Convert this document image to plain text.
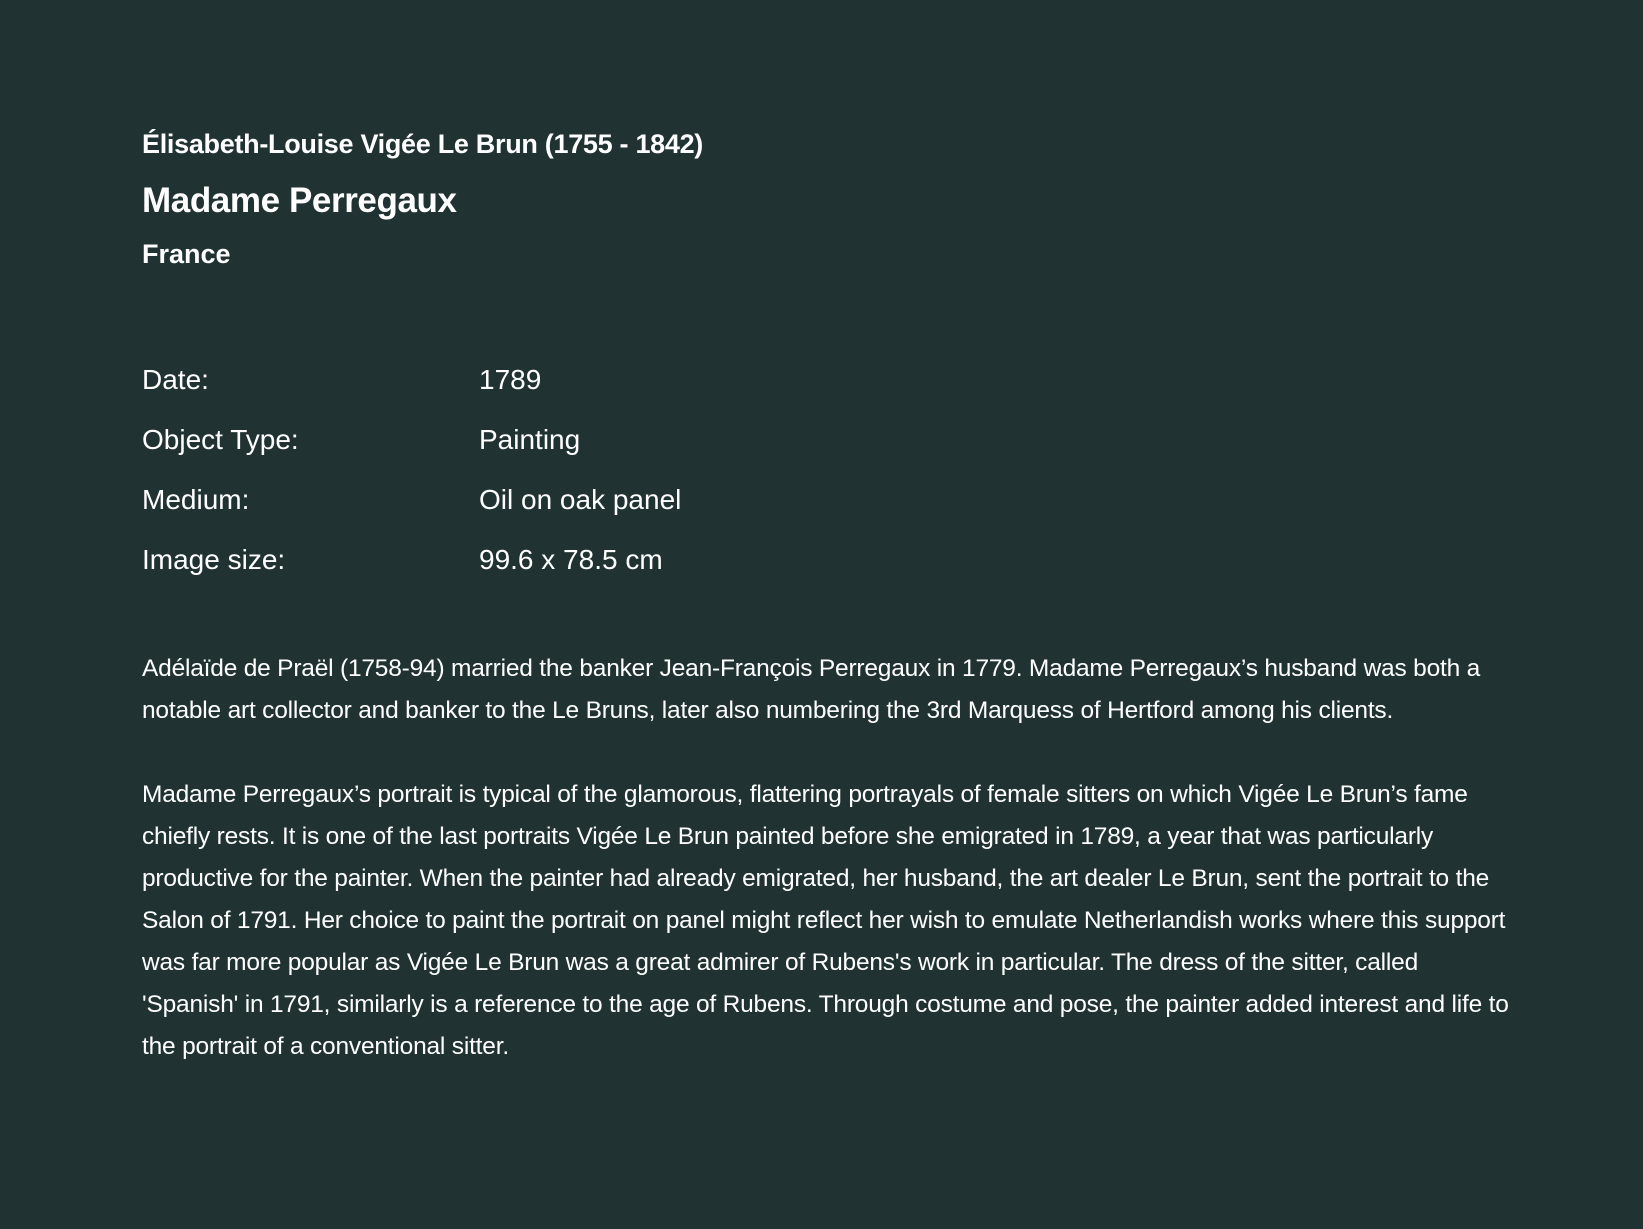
Élisabeth-Louise Vigée Le Brun (1755 - 1842)
Madame Perregaux
France
Date:	1789
Object Type:	Painting
Medium:	Oil on oak panel
Image size:	99.6 x 78.5 cm

Adélaïde de Praël (1758-94) married the banker Jean-François Perregaux in 1779. Madame Perregaux’s husband was both a notable art collector and banker to the Le Bruns, later also numbering the 3rd Marquess of Hertford among his clients.

Madame Perregaux’s portrait is typical of the glamorous, flattering portrayals of female sitters on which Vigée Le Brun’s fame chiefly rests. It is one of the last portraits Vigée Le Brun painted before she emigrated in 1789, a year that was particularly productive for the painter. When the painter had already emigrated, her husband, the art dealer Le Brun, sent the portrait to the Salon of 1791. Her choice to paint the portrait on panel might reflect her wish to emulate Netherlandish works where this support was far more popular as Vigée Le Brun was a great admirer of Rubens's work in particular. The dress of the sitter, called 'Spanish' in 1791, similarly is a reference to the age of Rubens. Through costume and pose, the painter added interest and life to the portrait of a conventional sitter.
